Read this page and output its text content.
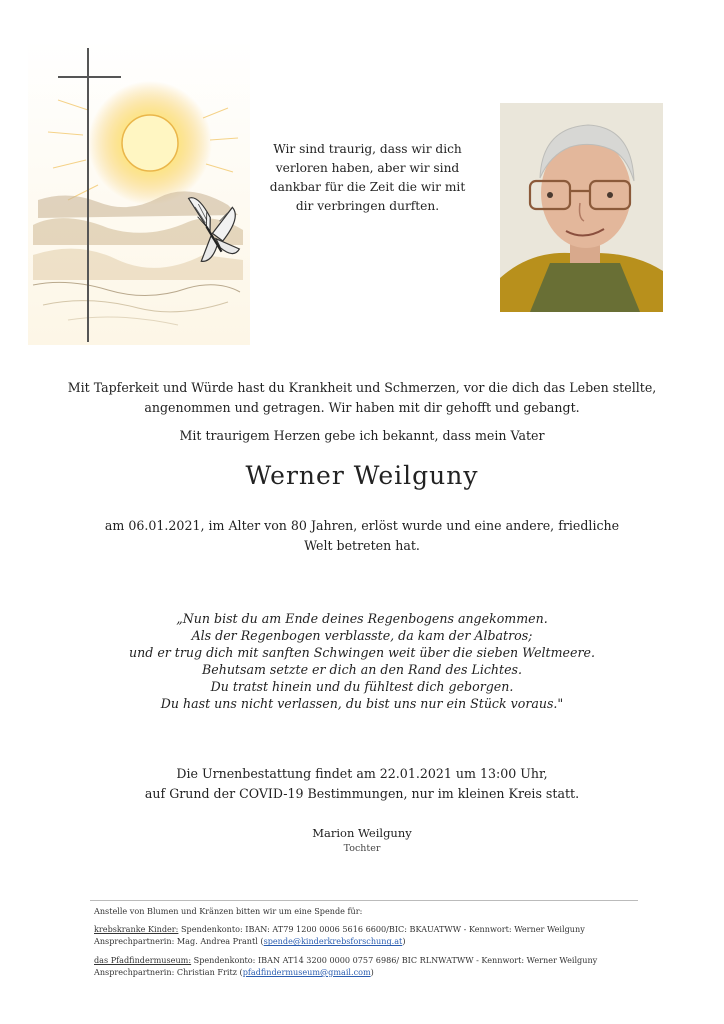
Wir sind traurig, dass wir dich
verloren haben, aber wir sind
dankbar für die Zeit die wir mit
dir verbringen durften.
Mit Tapferkeit und Würde hast du Krankheit und Schmerzen, vor die dich das Leben stellte,
angenommen und getragen. Wir haben mit dir gehofft und gebangt.
Mit traurigem Herzen gebe ich bekannt, dass mein Vater
Werner Weilguny
am 06.01.2021, im Alter von 80 Jahren, erlöst wurde und eine andere, friedliche
Welt betreten hat.
„Nun bist du am Ende deines Regenbogens angekommen.
Als der Regenbogen verblasste, da kam der Albatros;
und er trug dich mit sanften Schwingen weit über die sieben Weltmeere.
Behutsam setzte er dich an den Rand des Lichtes.
Du tratst hinein und du fühltest dich geborgen.
Du hast uns nicht verlassen, du bist uns nur ein Stück voraus."
Die Urnenbestattung findet am 22.01.2021 um 13:00 Uhr,
auf Grund der COVID-19 Bestimmungen, nur im kleinen Kreis statt.
Marion Weilguny
Tochter
Anstelle von Blumen und Kränzen bitten wir um eine Spende für:
krebskranke Kinder: Spendenkonto: IBAN: AT79 1200 0006 5616 6600/BIC: BKAUATWW - Kennwort: Werner Weilguny
Ansprechpartnerin: Mag. Andrea Prantl (spende@kinderkrebsforschung.at)
das Pfadfindermuseum: Spendenkonto: IBAN AT14 3200 0000 0757 6986/ BIC RLNWATWW - Kennwort: Werner Weilguny
Ansprechpartnerin: Christian Fritz (pfadfindermuseum@gmail.com)
